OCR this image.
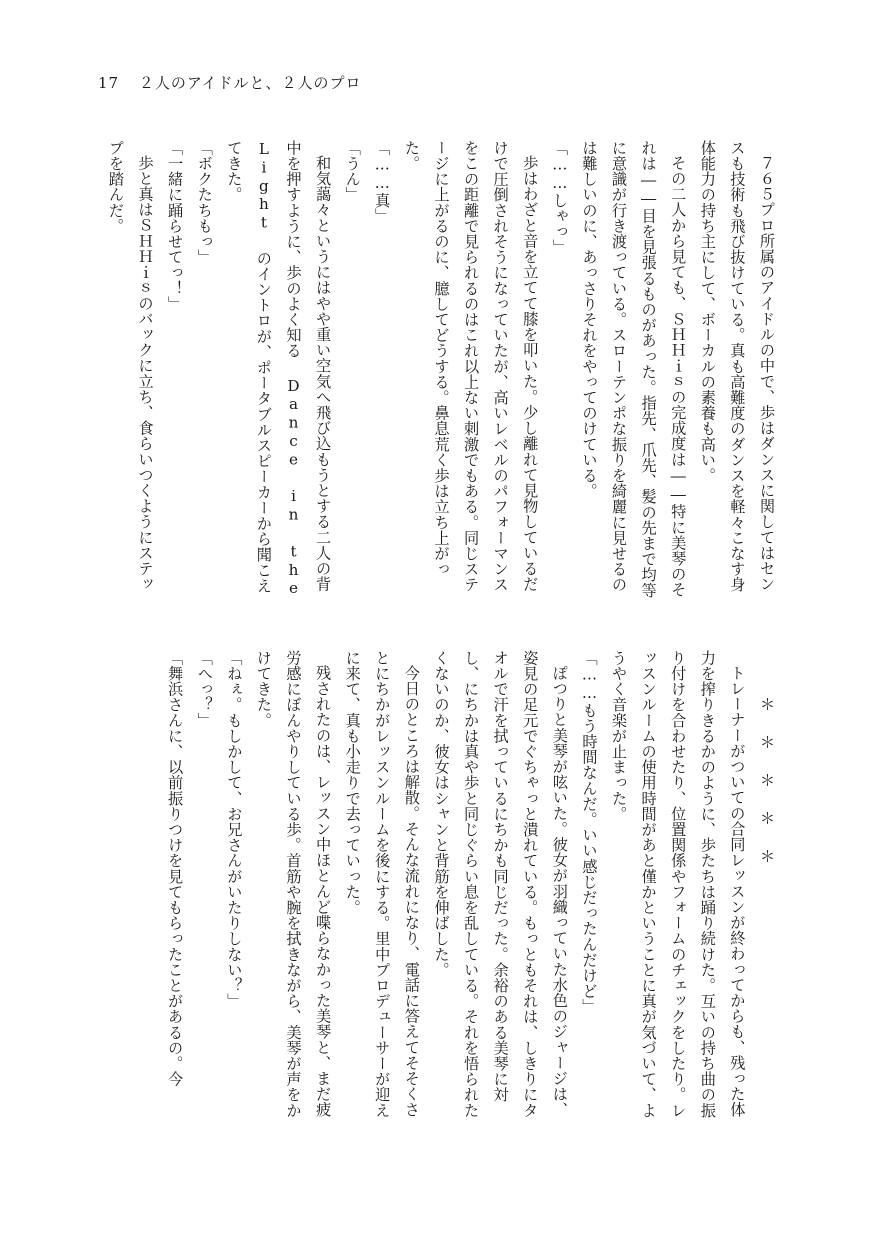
17 ２人のアイドルと、２人のプロ

７６５プロ所属のアイドルの中で、歩はダンスに関してはセンスも技術も飛び抜けている。真も高難度のダンスを軽々こなす身体能力の持ち主にして、ボーカルの素養も高い。

その二人から見ても、ＳＨＨｉｓの完成度は――特に美琴のそれは――目を見張るものがあった。指先、爪先、髪の先まで均等に意識が行き渡っている。スローテンポな振りを綺麗に見せるのは難しいのに、あっさりそれをやってのけている。

「……しゃっ」

歩はわざと音を立てて膝を叩いた。少し離れて見物しているだけで圧倒されそうになっていたが、高いレベルのパフォーマンスをこの距離で見られるのはこれ以上ない刺激でもある。同じステージに上がるのに、臆してどうする。鼻息荒く歩は立ち上がった。

「……真」

「うん」

和気藹々というにはやや重い空気へ飛び込もうとする二人の背中を押すように、歩のよく知る Dance in the Light のイントロが、ポータブルスピーカーから聞こえてきた。

「ボクたちもっ」

「一緒に踊らせてっ！」

歩と真はＳＨＨｉｓのバックに立ち、食らいつくようにステップを踏んだ。

＊＊＊＊＊

トレーナーがついての合同レッスンが終わってからも、残った体力を搾りきるかのように、歩たちは踊り続けた。互いの持ち曲の振り付けを合わせたり、位置関係やフォームのチェックをしたり。レッスンルームの使用時間があと僅かということに真が気づいて、ようやく音楽が止まった。

「……もう時間なんだ。いい感じだったんだけど」

ぽつりと美琴が呟いた。彼女が羽織っていた水色のジャージは、姿見の足元でぐちゃっと潰れている。もっともそれは、しきりにタオルで汗を拭っているにちかも同じだった。余裕のある美琴に対し、にちかは真や歩と同じぐらい息を乱している。それを悟られたくないのか、彼女はシャンと背筋を伸ばした。

今日のところは解散。そんな流れになり、電話に答えてそそくさとにちかがレッスンルームを後にする。里中プロデューサーが迎えに来て、真も小走りで去っていった。

残されたのは、レッスン中ほとんど喋らなかった美琴と、まだ疲労感にぼんやりしている歩。首筋や腕を拭きながら、美琴が声をかけてきた。

「ねぇ。もしかして、お兄さんがいたりしない？」

「へっ？」

「舞浜さんに、以前振りつけを見てもらったことがあるの。今
